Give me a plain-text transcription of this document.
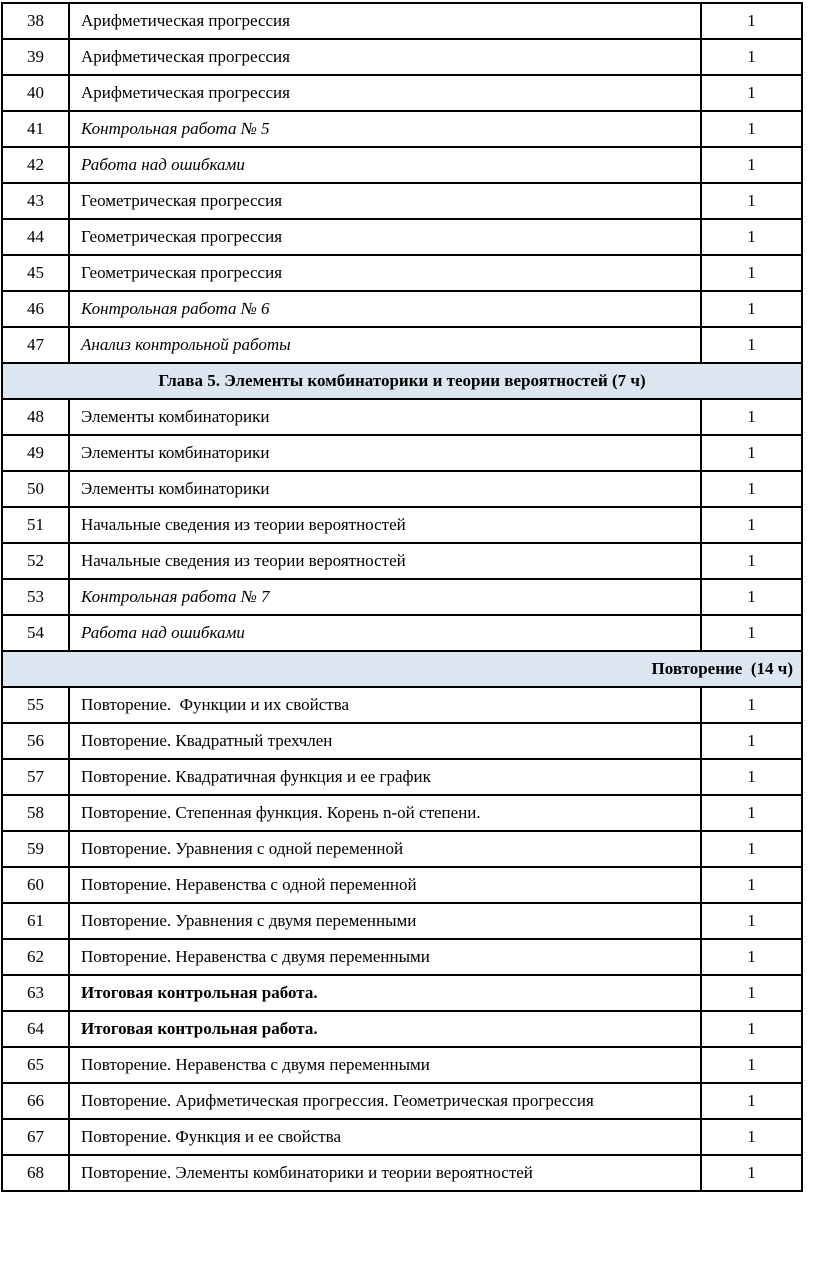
38	Арифметическая прогрессия	1
39	Арифметическая прогрессия	1
40	Арифметическая прогрессия	1
41	Контрольная работа № 5	1
42	Работа над ошибками	1
43	Геометрическая прогрессия	1
44	Геометрическая прогрессия	1
45	Геометрическая прогрессия	1
46	Контрольная работа № 6	1
47	Анализ контрольной работы	1
Глава 5. Элементы комбинаторики и теории вероятностей (7 ч)		
48	Элементы комбинаторики	1
49	Элементы комбинаторики	1
50	Элементы комбинаторики	1
51	Начальные сведения из теории вероятностей	1
52	Начальные сведения из теории вероятностей	1
53	Контрольная работа № 7	1
54	Работа над ошибками	1
Повторение  (14 ч)		
55	Повторение.  Функции и их свойства	1
56	Повторение. Квадратный трехчлен	1
57	Повторение. Квадратичная функция и ее график	1
58	Повторение. Степенная функция. Корень n-ой степени.	1
59	Повторение. Уравнения с одной переменной	1
60	Повторение. Неравенства с одной переменной	1
61	Повторение. Уравнения с двумя переменными	1
62	Повторение. Неравенства с двумя переменными	1
63	Итоговая контрольная работа.	1
64	Итоговая контрольная работа.	1
65	Повторение. Неравенства с двумя переменными	1
66	Повторение. Арифметическая прогрессия. Геометрическая прогрессия	1
67	Повторение. Функция и ее свойства	1
68	Повторение. Элементы комбинаторики и теории вероятностей	1
